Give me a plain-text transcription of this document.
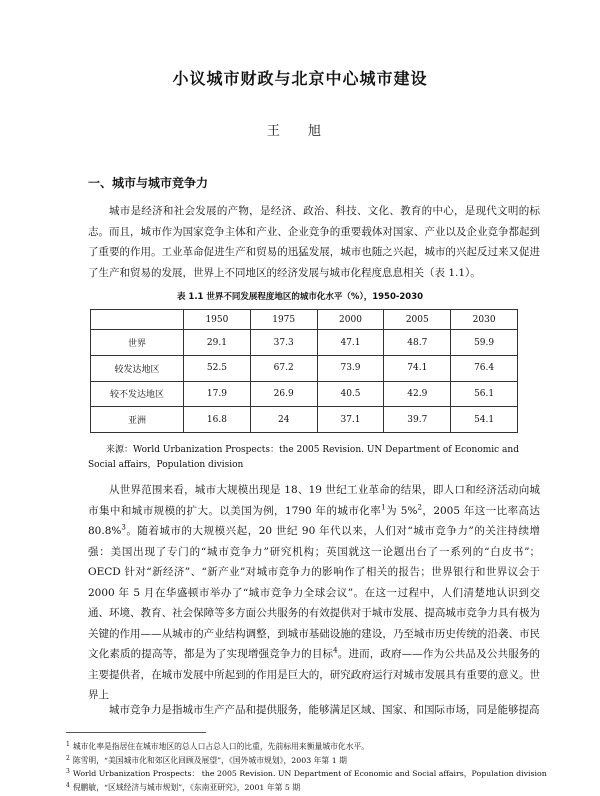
小议城市财政与北京中心城市建设
王 旭
一、城市与城市竞争力

城市是经济和社会发展的产物，是经济、政治、科技、文化、教育的中心，是现代文明的标志。而且，城市作为国家竞争主体和产业、企业竞争的重要载体对国家、产业以及企业竞争都起到了重要的作用。工业革命促进生产和贸易的迅猛发展，城市也随之兴起，城市的兴起反过来又促进了生产和贸易的发展，世界上不同地区的经济发展与城市化程度息息相关（表 1.1）。

表 1.1 世界不同发展程度地区的城市化水平（%），1950-2030
	1950	1975	2000	2005	2030
世界	29.1	37.3	47.1	48.7	59.9
较发达地区	52.5	67.2	73.9	74.1	76.4
较不发达地区	17.9	26.9	40.5	42.9	56.1
亚洲	16.8	24	37.1	39.7	54.1

来源：World Urbanization Prospects：the 2005 Revision. UN Department of Economic and Social affairs，Population division

从世界范围来看，城市大规模出现是 18、19 世纪工业革命的结果，即人口和经济活动向城市集中和城市规模的扩大。以美国为例，1790 年的城市化率$^1$为 5%$^2$，2005 年这一比率高达 80.8%$^3$。随着城市的大规模兴起，20 世纪 90 年代以来，人们对“城市竞争力”的关注持续增强：美国出现了专门的“城市竞争力”研究机构；英国就这一论题出台了一系列的“白皮书”；OECD 针对“新经济”、“新产业”对城市竞争力的影响作了相关的报告；世界银行和世界议会于 2000 年 5 月在华盛顿市举办了“城市竞争力全球会议”。在这一过程中，人们清楚地认识到交通、环境、教育、社会保障等多方面公共服务的有效提供对于城市发展、提高城市竞争力具有极为关键的作用——从城市的产业结构调整，到城市基础设施的建设，乃至城市历史传统的沿袭、市民文化素质的提高等，都是为了实现增强竞争力的目标$^4$。进而，政府——作为公共品及公共服务的主要提供者，在城市发展中所起到的作用是巨大的，研究政府运行对城市发展具有重要的意义。世界上

城市竞争力是指城市生产产品和提供服务，能够满足区域、国家、和国际市场，同是能够提高

$^1$ 城市化率是指居住在城市地区的总人口占总人口的比重，先前标用来衡量城市化水平。
$^2$ 陈雪明，“美国城市化和郊区化回顾及展望”，《国外城市规划》，2003 年第 1 期
$^3$ World Urbanization Prospects： the 2005 Revision. UN Department of Economic and Social affairs，Population division
$^4$ 倪鹏敏，“区域经济与城市规划”，《东南亚研究》，2001 年第 5 期
